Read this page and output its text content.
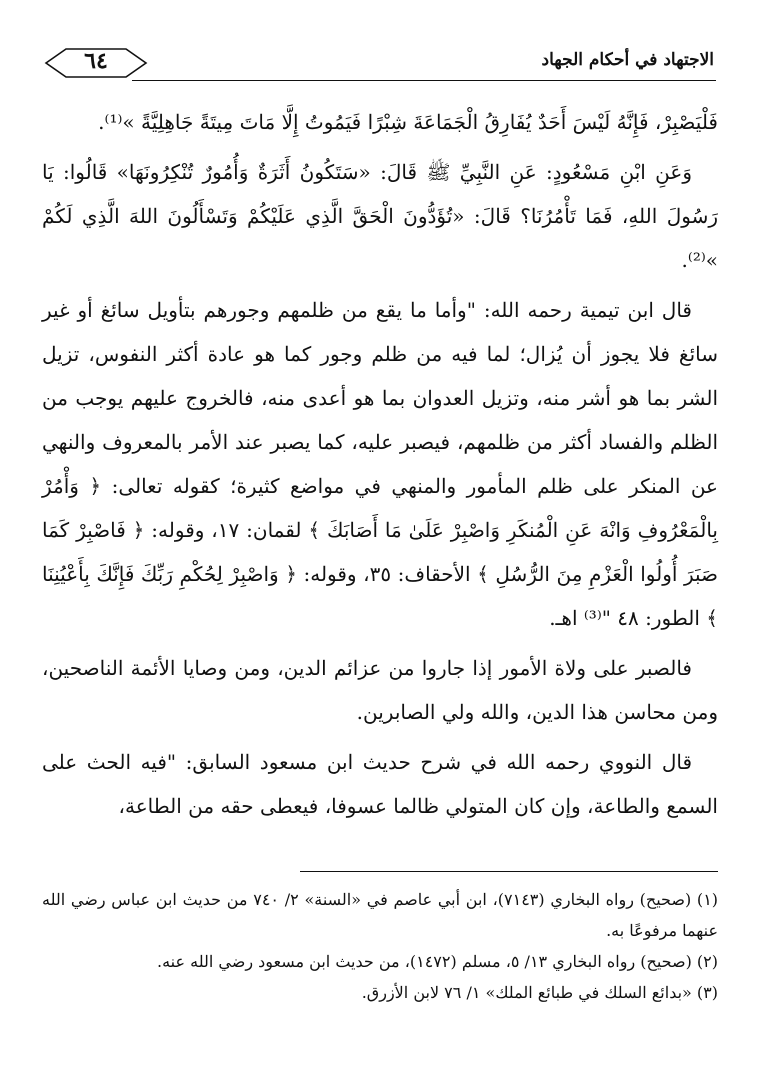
الاجتهاد في أحكام الجهاد
٦٤

فَلْيَصْبِرْ، فَإِنَّهُ لَيْسَ أَحَدٌ يُفَارِقُ الْجَمَاعَةَ شِبْرًا فَيَمُوتُ إِلَّا مَاتَ مِيتَةً جَاهِلِيَّةً »⁽¹⁾.

وَعَنِ ابْنِ مَسْعُودٍ: عَنِ النَّبِيِّ ﷺ قَالَ: «سَتَكُونُ أَثَرَةٌ وَأُمُورٌ تُنْكِرُونَهَا» قَالُوا: يَا رَسُولَ اللهِ، فَمَا تَأْمُرُنَا؟ قَالَ: «تُؤَدُّونَ الْحَقَّ الَّذِي عَلَيْكُمْ وَتَسْأَلُونَ اللهَ الَّذِي لَكُمْ »⁽²⁾.

قال ابن تيمية رحمه الله: "وأما ما يقع من ظلمهم وجورهم بتأويل سائغ أو غير سائغ فلا يجوز أن يُزال؛ لما فيه من ظلم وجور كما هو عادة أكثر النفوس، تزيل الشر بما هو أشر منه، وتزيل العدوان بما هو أعدى منه، فالخروج عليهم يوجب من الظلم والفساد أكثر من ظلمهم، فيصبر عليه، كما يصبر عند الأمر بالمعروف والنهي عن المنكر على ظلم المأمور والمنهي في مواضع كثيرة؛ كقوله تعالى: ﴿ وَأْمُرْ بِالْمَعْرُوفِ وَانْهَ عَنِ الْمُنكَرِ وَاصْبِرْ عَلَىٰ مَا أَصَابَكَ ﴾ لقمان: ١٧، وقوله: ﴿ فَاصْبِرْ كَمَا صَبَرَ أُولُوا الْعَزْمِ مِنَ الرُّسُلِ ﴾ الأحقاف: ٣٥، وقوله: ﴿ وَاصْبِرْ لِحُكْمِ رَبِّكَ فَإِنَّكَ بِأَعْيُنِنَا ﴾ الطور: ٤٨ "⁽³⁾ اهـ.

فالصبر على ولاة الأمور إذا جاروا من عزائم الدين، ومن وصايا الأئمة الناصحين، ومن محاسن هذا الدين، والله ولي الصابرين.

قال النووي رحمه الله في شرح حديث ابن مسعود السابق: "فيه الحث على السمع والطاعة، وإن كان المتولي ظالما عسوفا، فيعطى حقه من الطاعة،

(١) (صحيح) رواه البخاري (٧١٤٣)، ابن أبي عاصم في «السنة» ٢/ ٧٤٠ من حديث ابن عباس رضي الله عنهما مرفوعًا به.

(٢) (صحيح) رواه البخاري ١٣/ ٥، مسلم (١٤٧٢)، من حديث ابن مسعود رضي الله عنه.

(٣) «بدائع السلك في طبائع الملك» ١/ ٧٦ لابن الأزرق.
